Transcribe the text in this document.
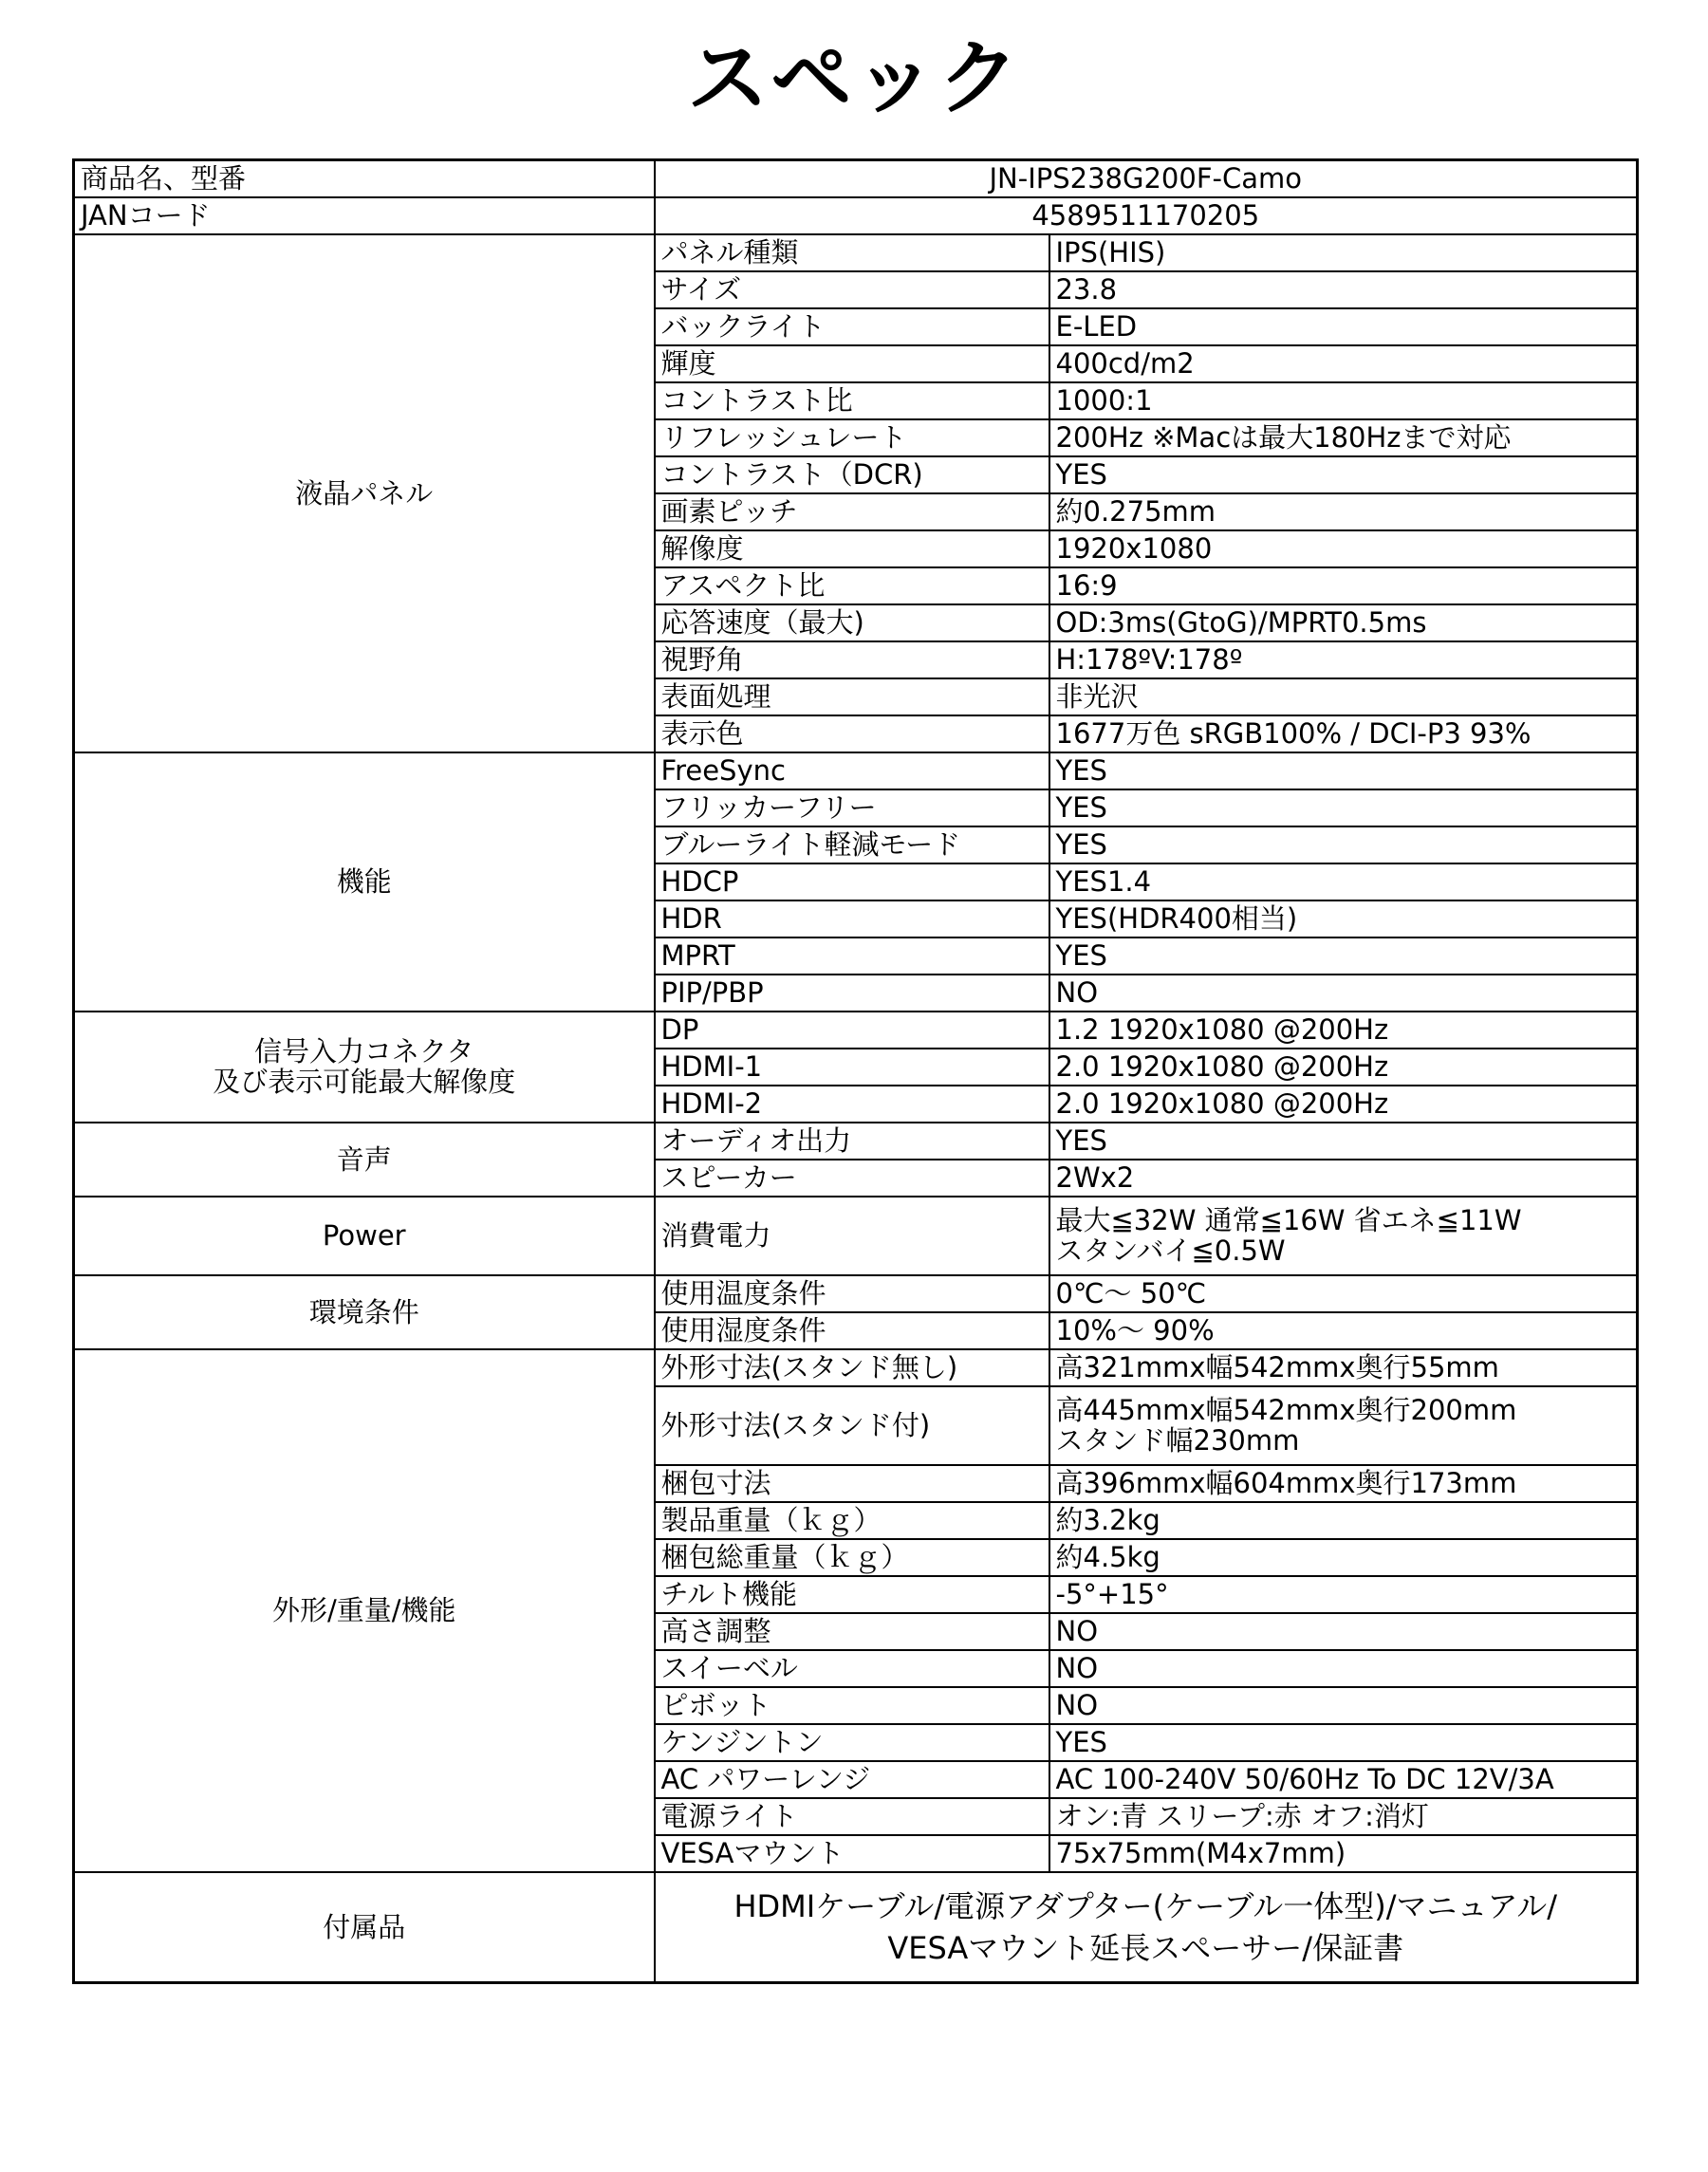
スペック
商品名、型番	JN-IPS238G200F-Camo	
JANコード	4589511170205	

液晶パネル	パネル種類	IPS(HIS)

	サイズ	23.8

	バックライト	E-LED

	輝度	400cd/m2

	コントラスト比	1000:1

	リフレッシュレート	200Hz ※Macは最大180Hzまで対応

	コントラスト（DCR)	YES

	画素ピッチ	約0.275mm

	解像度	1920x1080

	アスペクト比	16:9

	応答速度（最大)	OD:3ms(GtoG)/MPRT0.5ms

	視野角	H:178ºV:178º

	表面処理	非光沢

	表示色	1677万色 sRGB100% / DCI-P3 93%

機能	FreeSync	YES

	フリッカーフリー	YES

	ブルーライト軽減モード	YES

	HDCP	YES1.4

	HDR	YES(HDR400相当)

	MPRT	YES

	PIP/PBP	NO

信号入力コネクタ
及び表示可能最大解像度	DP	1.2 1920x1080 @200Hz

	HDMI-1	2.0 1920x1080 @200Hz

	HDMI-2	2.0 1920x1080 @200Hz

音声	オーディオ出力	YES

	スピーカー	2Wx2

Power	消費電力	最大≦32W 通常≦16W 省エネ≦11W
スタンバイ≦0.5W

環境条件	使用温度条件	0℃～ 50℃

	使用湿度条件	10%～ 90%

外形/重量/機能	外形寸法(スタンド無し)	高321mmx幅542mmx奥行55mm

	外形寸法(スタンド付)	高445mmx幅542mmx奥行200mm
スタンド幅230mm

	梱包寸法	高396mmx幅604mmx奥行173mm

	製品重量（ｋｇ）	約3.2kg

	梱包総重量（ｋｇ）	約4.5kg

	チルト機能	-5°+15°

	高さ調整	NO

	スイーベル	NO

	ピボット	NO

	ケンジントン	YES

	AC パワーレンジ	AC 100-240V 50/60Hz To DC 12V/3A

	電源ライト	オン:青 スリープ:赤 オフ:消灯

	VESAマウント	75x75mm(M4x7mm)

付属品	HDMIケーブル/電源アダプター(ケーブル一体型)/マニュアル/
VESAマウント延長スペーサー/保証書	
